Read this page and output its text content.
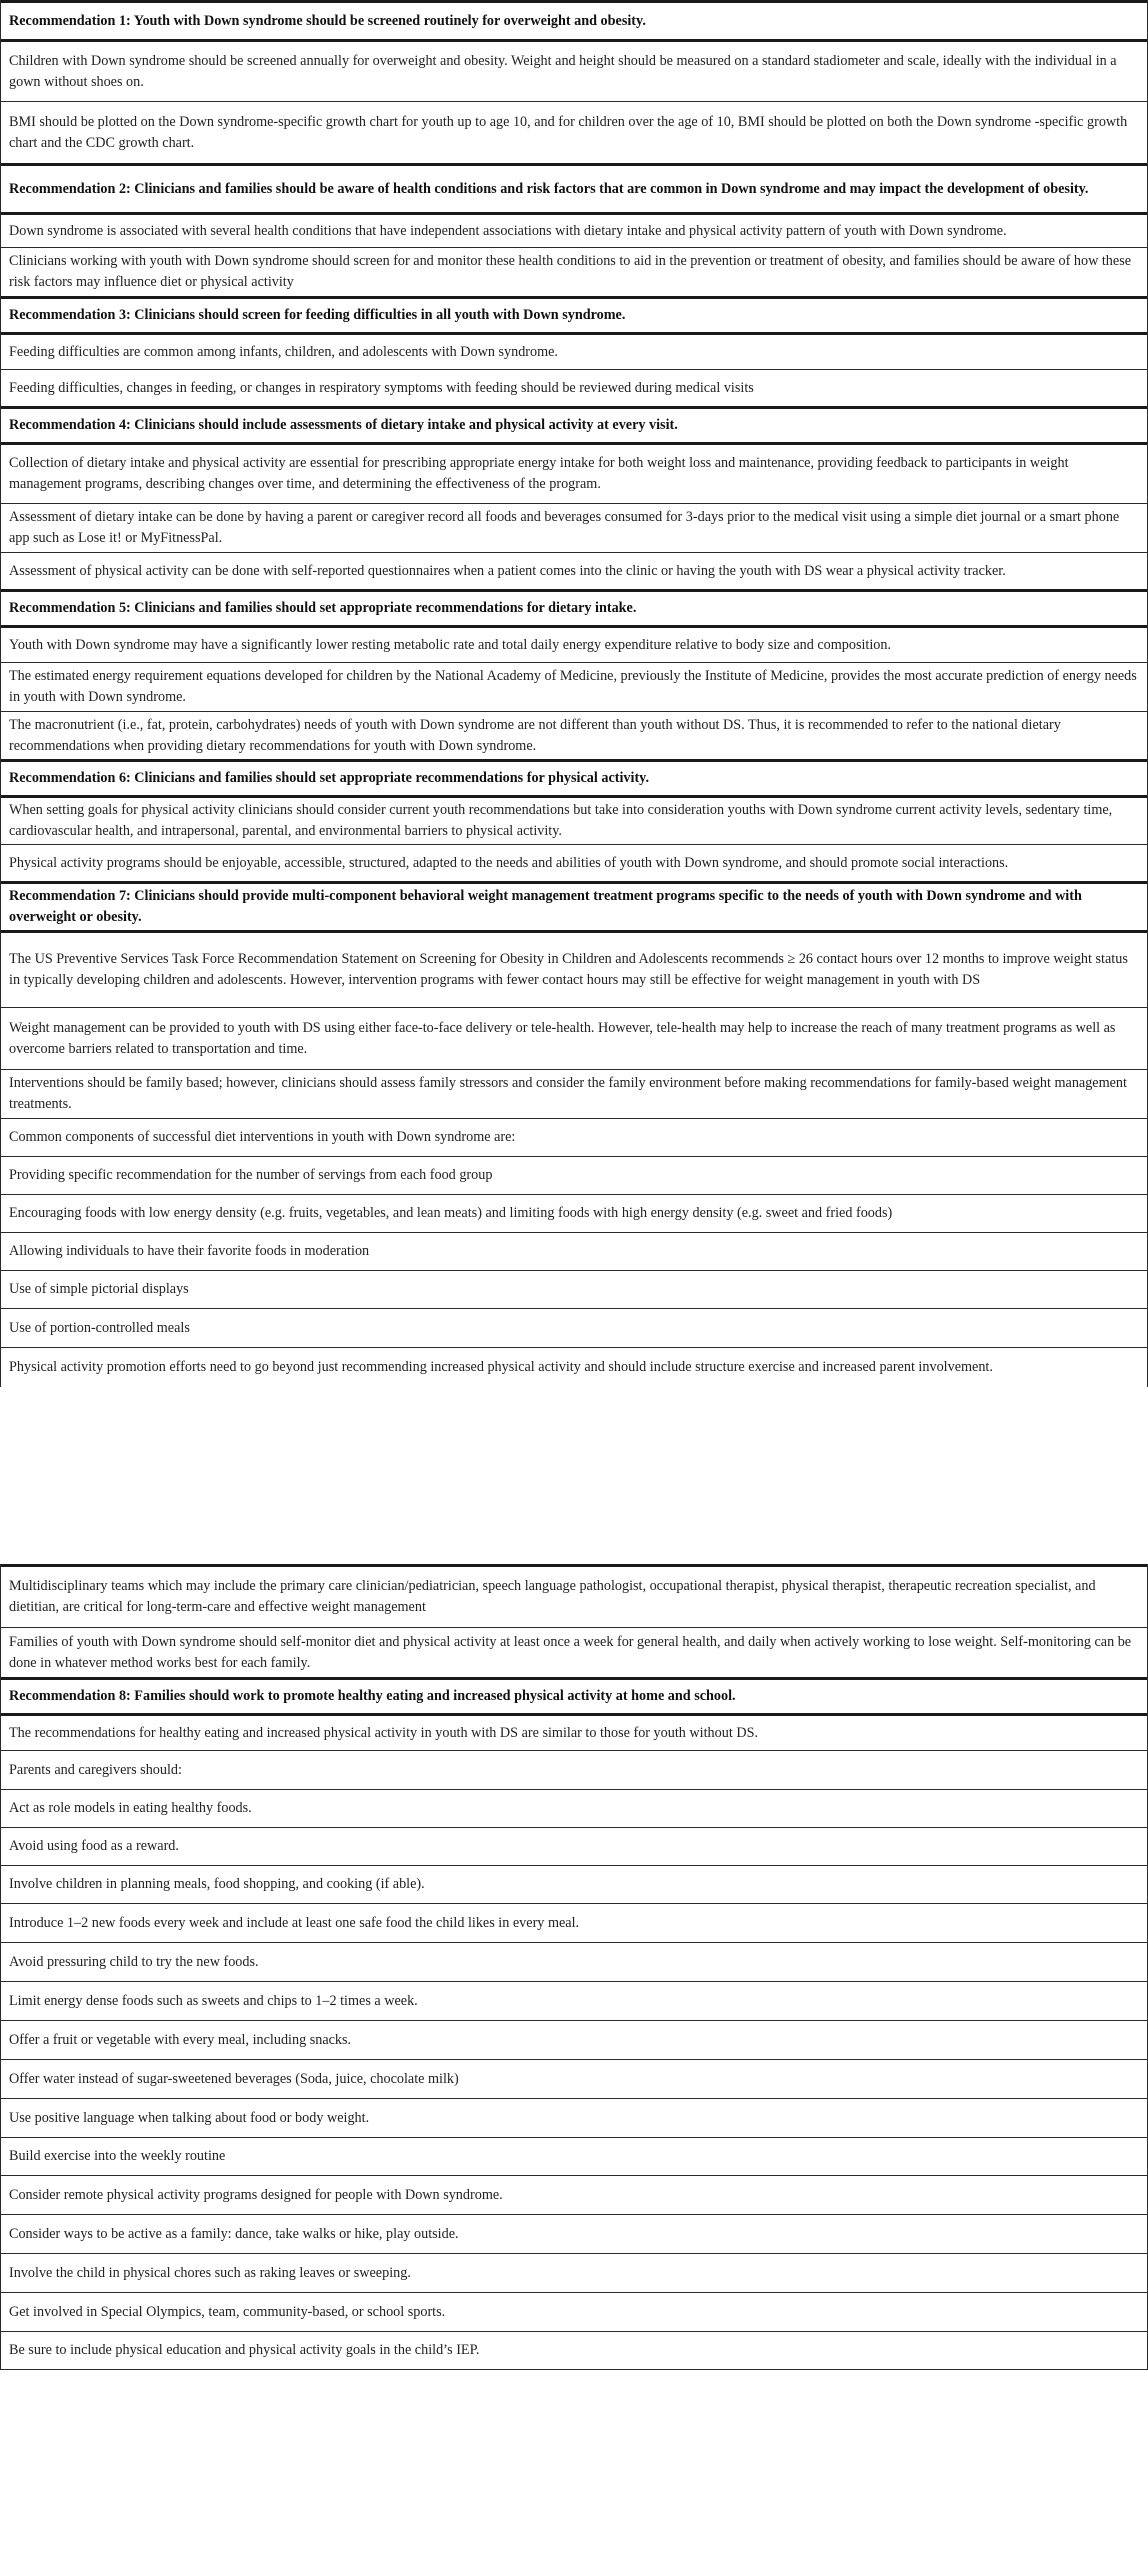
Recommendation 1: Youth with Down syndrome should be screened routinely for overweight and obesity.
Children with Down syndrome should be screened annually for overweight and obesity. Weight and height should be measured on a standard stadiometer and scale, ideally with the individual in a gown without shoes on.
BMI should be plotted on the Down syndrome-specific growth chart for youth up to age 10, and for children over the age of 10, BMI should be plotted on both the Down syndrome -specific growth chart and the CDC growth chart.
Recommendation 2: Clinicians and families should be aware of health conditions and risk factors that are common in Down syndrome and may impact the development of obesity.
Down syndrome is associated with several health conditions that have independent associations with dietary intake and physical activity pattern of youth with Down syndrome.
Clinicians working with youth with Down syndrome should screen for and monitor these health conditions to aid in the prevention or treatment of obesity, and families should be aware of how these risk factors may influence diet or physical activity
Recommendation 3: Clinicians should screen for feeding difficulties in all youth with Down syndrome.
Feeding difficulties are common among infants, children, and adolescents with Down syndrome.
Feeding difficulties, changes in feeding, or changes in respiratory symptoms with feeding should be reviewed during medical visits
Recommendation 4: Clinicians should include assessments of dietary intake and physical activity at every visit.
Collection of dietary intake and physical activity are essential for prescribing appropriate energy intake for both weight loss and maintenance, providing feedback to participants in weight management programs, describing changes over time, and determining the effectiveness of the program.
Assessment of dietary intake can be done by having a parent or caregiver record all foods and beverages consumed for 3-days prior to the medical visit using a simple diet journal or a smart phone app such as Lose it! or MyFitnessPal.
Assessment of physical activity can be done with self-reported questionnaires when a patient comes into the clinic or having the youth with DS wear a physical activity tracker.
Recommendation 5: Clinicians and families should set appropriate recommendations for dietary intake.
Youth with Down syndrome may have a significantly lower resting metabolic rate and total daily energy expenditure relative to body size and composition.
The estimated energy requirement equations developed for children by the National Academy of Medicine, previously the Institute of Medicine, provides the most accurate prediction of energy needs in youth with Down syndrome.
The macronutrient (i.e., fat, protein, carbohydrates) needs of youth with Down syndrome are not different than youth without DS. Thus, it is recommended to refer to the national dietary recommendations when providing dietary recommendations for youth with Down syndrome.
Recommendation 6: Clinicians and families should set appropriate recommendations for physical activity.
When setting goals for physical activity clinicians should consider current youth recommendations but take into consideration youths with Down syndrome current activity levels, sedentary time, cardiovascular health, and intrapersonal, parental, and environmental barriers to physical activity.
Physical activity programs should be enjoyable, accessible, structured, adapted to the needs and abilities of youth with Down syndrome, and should promote social interactions.
Recommendation 7: Clinicians should provide multi-component behavioral weight management treatment programs specific to the needs of youth with Down syndrome and with overweight or obesity.
The US Preventive Services Task Force Recommendation Statement on Screening for Obesity in Children and Adolescents recommends ≥ 26 contact hours over 12 months to improve weight status in typically developing children and adolescents. However, intervention programs with fewer contact hours may still be effective for weight management in youth with DS
Weight management can be provided to youth with DS using either face-to-face delivery or tele-health. However, tele-health may help to increase the reach of many treatment programs as well as overcome barriers related to transportation and time.
Interventions should be family based; however, clinicians should assess family stressors and consider the family environment before making recommendations for family-based weight management treatments.
Common components of successful diet interventions in youth with Down syndrome are:
Providing specific recommendation for the number of servings from each food group
Encouraging foods with low energy density (e.g. fruits, vegetables, and lean meats) and limiting foods with high energy density (e.g. sweet and fried foods)
Allowing individuals to have their favorite foods in moderation
Use of simple pictorial displays
Use of portion-controlled meals
Physical activity promotion efforts need to go beyond just recommending increased physical activity and should include structure exercise and increased parent involvement.
Multidisciplinary teams which may include the primary care clinician/pediatrician, speech language pathologist, occupational therapist, physical therapist, therapeutic recreation specialist, and dietitian, are critical for long-term-care and effective weight management
Families of youth with Down syndrome should self-monitor diet and physical activity at least once a week for general health, and daily when actively working to lose weight. Self-monitoring can be done in whatever method works best for each family.
Recommendation 8: Families should work to promote healthy eating and increased physical activity at home and school.
The recommendations for healthy eating and increased physical activity in youth with DS are similar to those for youth without DS.
Parents and caregivers should:
Act as role models in eating healthy foods.
Avoid using food as a reward.
Involve children in planning meals, food shopping, and cooking (if able).
Introduce 1–2 new foods every week and include at least one safe food the child likes in every meal.
Avoid pressuring child to try the new foods.
Limit energy dense foods such as sweets and chips to 1–2 times a week.
Offer a fruit or vegetable with every meal, including snacks.
Offer water instead of sugar-sweetened beverages (Soda, juice, chocolate milk)
Use positive language when talking about food or body weight.
Build exercise into the weekly routine
Consider remote physical activity programs designed for people with Down syndrome.
Consider ways to be active as a family: dance, take walks or hike, play outside.
Involve the child in physical chores such as raking leaves or sweeping.
Get involved in Special Olympics, team, community-based, or school sports.
Be sure to include physical education and physical activity goals in the child’s IEP.
